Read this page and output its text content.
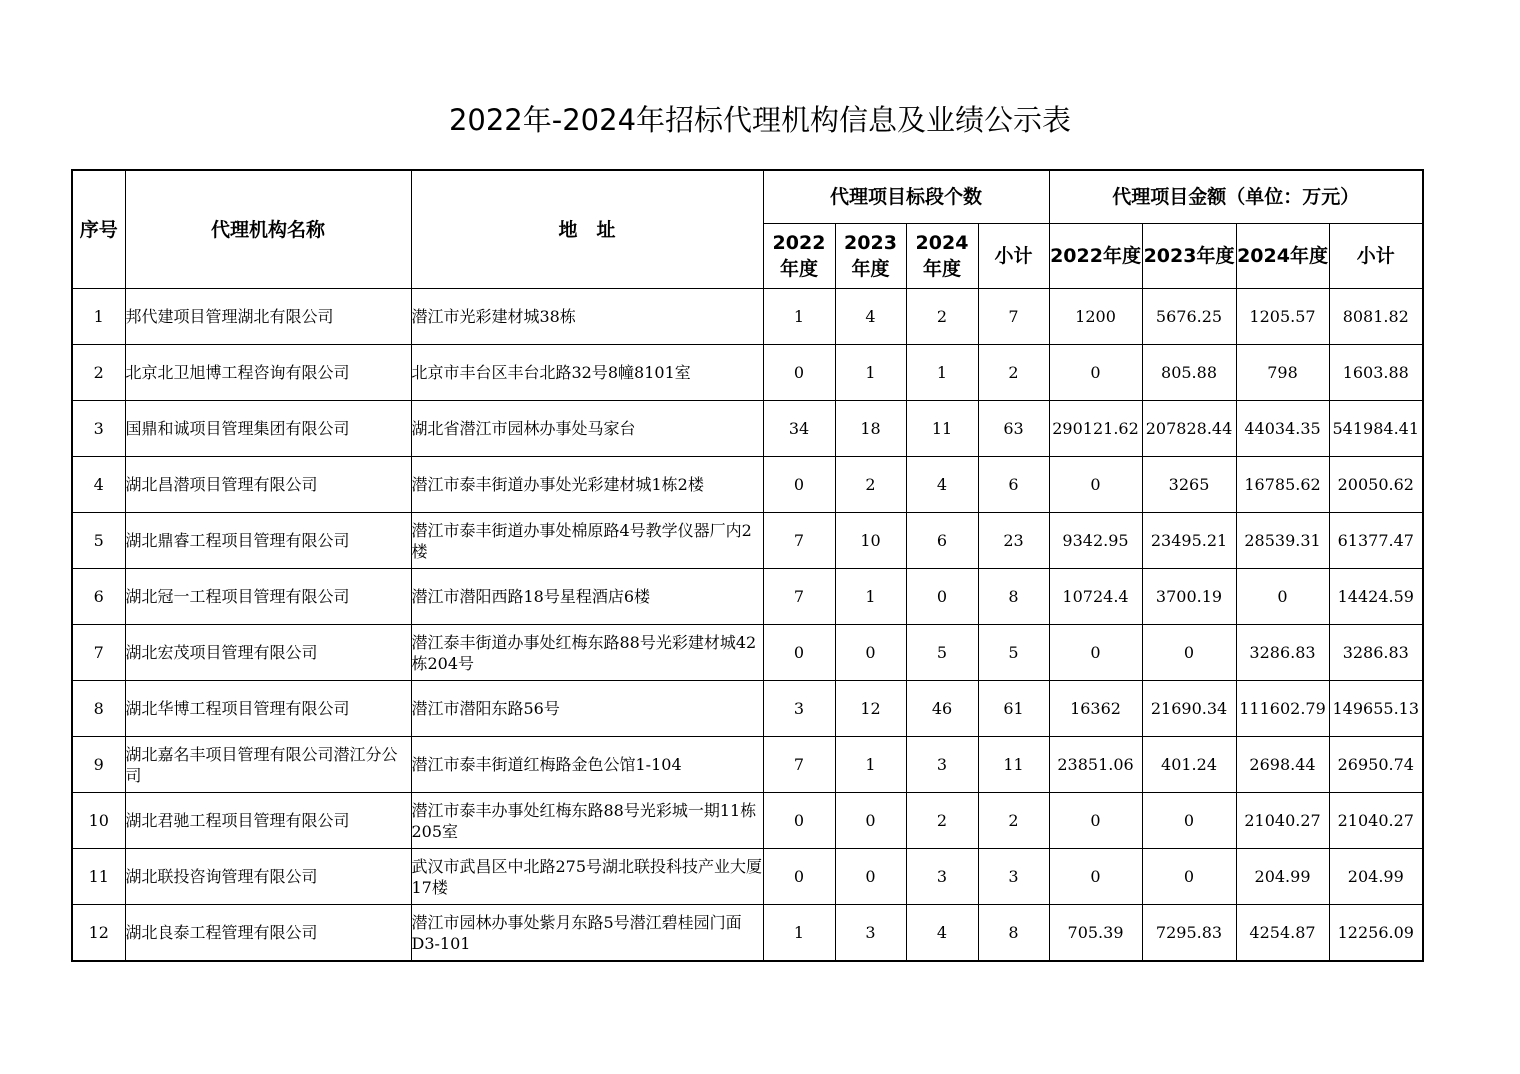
2022年-2024年招标代理机构信息及业绩公示表
序号	代理机构名称	地　址	代理项目标段个数				代理项目金额（单位：万元）			
			2022年度	2023年度	2024年度	小计	2022年度	2023年度	2024年度	小计
1	邦代建项目管理湖北有限公司	潜江市光彩建材城38栋	1	4	2	7	1200	5676.25	1205.57	8081.82
2	北京北卫旭博工程咨询有限公司	北京市丰台区丰台北路32号8幢8101室	0	1	1	2	0	805.88	798	1603.88
3	国鼎和诚项目管理集团有限公司	湖北省潜江市园林办事处马家台	34	18	11	63	290121.62	207828.44	44034.35	541984.41
4	湖北昌潜项目管理有限公司	潜江市泰丰街道办事处光彩建材城1栋2楼	0	2	4	6	0	3265	16785.62	20050.62
5	湖北鼎睿工程项目管理有限公司	潜江市泰丰街道办事处棉原路4号教学仪器厂内2楼	7	10	6	23	9342.95	23495.21	28539.31	61377.47
6	湖北冠一工程项目管理有限公司	潜江市潜阳西路18号星程酒店6楼	7	1	0	8	10724.4	3700.19	0	14424.59
7	湖北宏茂项目管理有限公司	潜江泰丰街道办事处红梅东路88号光彩建材城42栋204号	0	0	5	5	0	0	3286.83	3286.83
8	湖北华博工程项目管理有限公司	潜江市潜阳东路56号	3	12	46	61	16362	21690.34	111602.79	149655.13
9	湖北嘉名丰项目管理有限公司潜江分公司	潜江市泰丰街道红梅路金色公馆1-104	7	1	3	11	23851.06	401.24	2698.44	26950.74
10	湖北君驰工程项目管理有限公司	潜江市泰丰办事处红梅东路88号光彩城一期11栋205室	0	0	2	2	0	0	21040.27	21040.27
11	湖北联投咨询管理有限公司	武汉市武昌区中北路275号湖北联投科技产业大厦17楼	0	0	3	3	0	0	204.99	204.99
12	湖北良泰工程管理有限公司	潜江市园林办事处紫月东路5号潜江碧桂园门面D3-101	1	3	4	8	705.39	7295.83	4254.87	12256.09
